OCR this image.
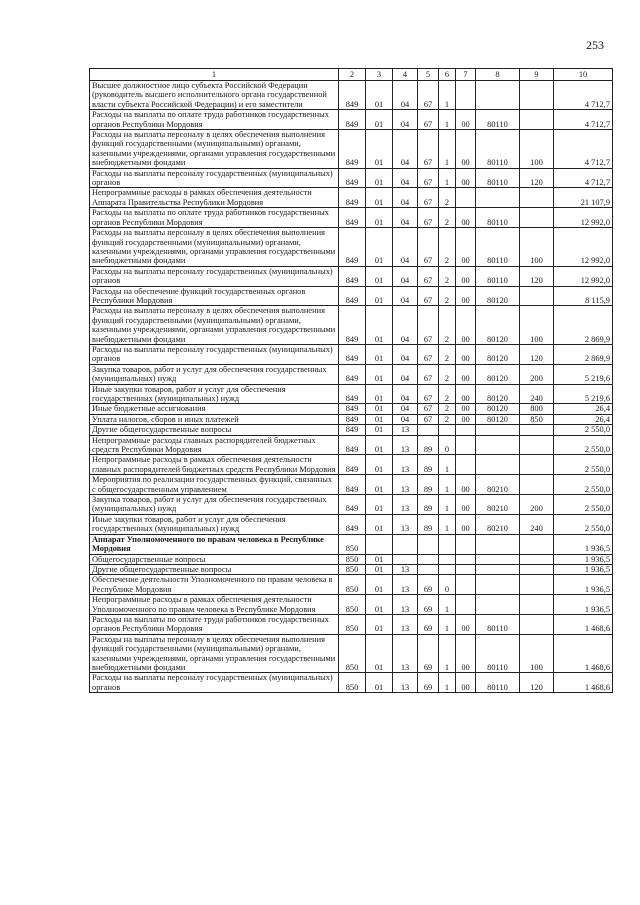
253
1	2	3	4	5	6	7	8	9	10
Высшее должностное лицо субъекта Российской Федерации (руководитель высшего исполнительного органа государственной власти субъекта Российской Федерации) и его заместители	849	01	04	67	1				4 712,7
Расходы на выплаты по оплате труда работников государственных органов Республики Мордовия	849	01	04	67	1	00	80110		4 712,7
Расходы на выплаты персоналу в целях обеспечения выполнения функций государственными (муниципальными) органами, казенными учреждениями, органами управления государственными внебюджетными фондами	849	01	04	67	1	00	80110	100	4 712,7
Расходы на выплаты персоналу государственных (муниципальных) органов	849	01	04	67	1	00	80110	120	4 712,7
Непрограммные расходы в рамках обеспечения деятельности Аппарата Правительства Республики Мордовия	849	01	04	67	2				21 107,9
Расходы на выплаты по оплате труда работников государственных органов Республики Мордовия	849	01	04	67	2	00	80110		12 992,0
Расходы на выплаты персоналу в целях обеспечения выполнения функций государственными (муниципальными) органами, казенными учреждениями, органами управления государственными внебюджетными фондами	849	01	04	67	2	00	80110	100	12 992,0
Расходы на выплаты персоналу государственных (муниципальных) органов	849	01	04	67	2	00	80110	120	12 992,0
Расходы на обеспечение функций государственных органов Республики Мордовия	849	01	04	67	2	00	80120		8 115,9
Расходы на выплаты персоналу в целях обеспечения выполнения функций государственными (муниципальными) органами, казенными учреждениями, органами управления государственными внебюджетными фондами	849	01	04	67	2	00	80120	100	2 869,9
Расходы на выплаты персоналу государственных (муниципальных) органов	849	01	04	67	2	00	80120	120	2 869,9
Закупка товаров, работ и услуг для обеспечения государственных (муниципальных) нужд	849	01	04	67	2	00	80120	200	5 219,6
Иные закупки товаров, работ и услуг для обеспечения государственных (муниципальных) нужд	849	01	04	67	2	00	80120	240	5 219,6
Иные бюджетные ассигнования	849	01	04	67	2	00	80120	800	26,4
Уплата налогов, сборов и иных платежей	849	01	04	67	2	00	80120	850	26,4
Другие общегосударственные вопросы	849	01	13						2 550,0
Непрограммные расходы главных распорядителей бюджетных средств Республики Мордовия	849	01	13	89	0				2 550,0
Непрограммные расходы в рамках обеспечения деятельности главных распорядителей бюджетных средств Республики Мордовия	849	01	13	89	1				2 550,0
Мероприятия по реализации государственных функций, связанных с общегосударственным управлением	849	01	13	89	1	00	80210		2 550,0
Закупка товаров, работ и услуг для обеспечения государственных (муниципальных) нужд	849	01	13	89	1	00	80210	200	2 550,0
Иные закупки товаров, работ и услуг для обеспечения государственных (муниципальных) нужд	849	01	13	89	1	00	80210	240	2 550,0
Аппарат Уполномоченного по правам человека в Республике Мордовия	850								1 936,5
Общегосударственные вопросы	850	01							1 936,5
Другие общегосударственные вопросы	850	01	13						1 936,5
Обеспечение деятельности Уполномоченного по правам человека в Республике Мордовия	850	01	13	69	0				1 936,5
Непрограммные расходы в рамках обеспечения деятельности Уполномоченного по правам человека в Республике Мордовия	850	01	13	69	1				1 936,5
Расходы на выплаты по оплате труда работников государственных органов Республики Мордовия	850	01	13	69	1	00	80110		1 468,6
Расходы на выплаты персоналу в целях обеспечения выполнения функций государственными (муниципальными) органами, казенными учреждениями, органами управления государственными внебюджетными фондами	850	01	13	69	1	00	80110	100	1 468,6
Расходы на выплаты персоналу государственных (муниципальных) органов	850	01	13	69	1	00	80110	120	1 468,6
